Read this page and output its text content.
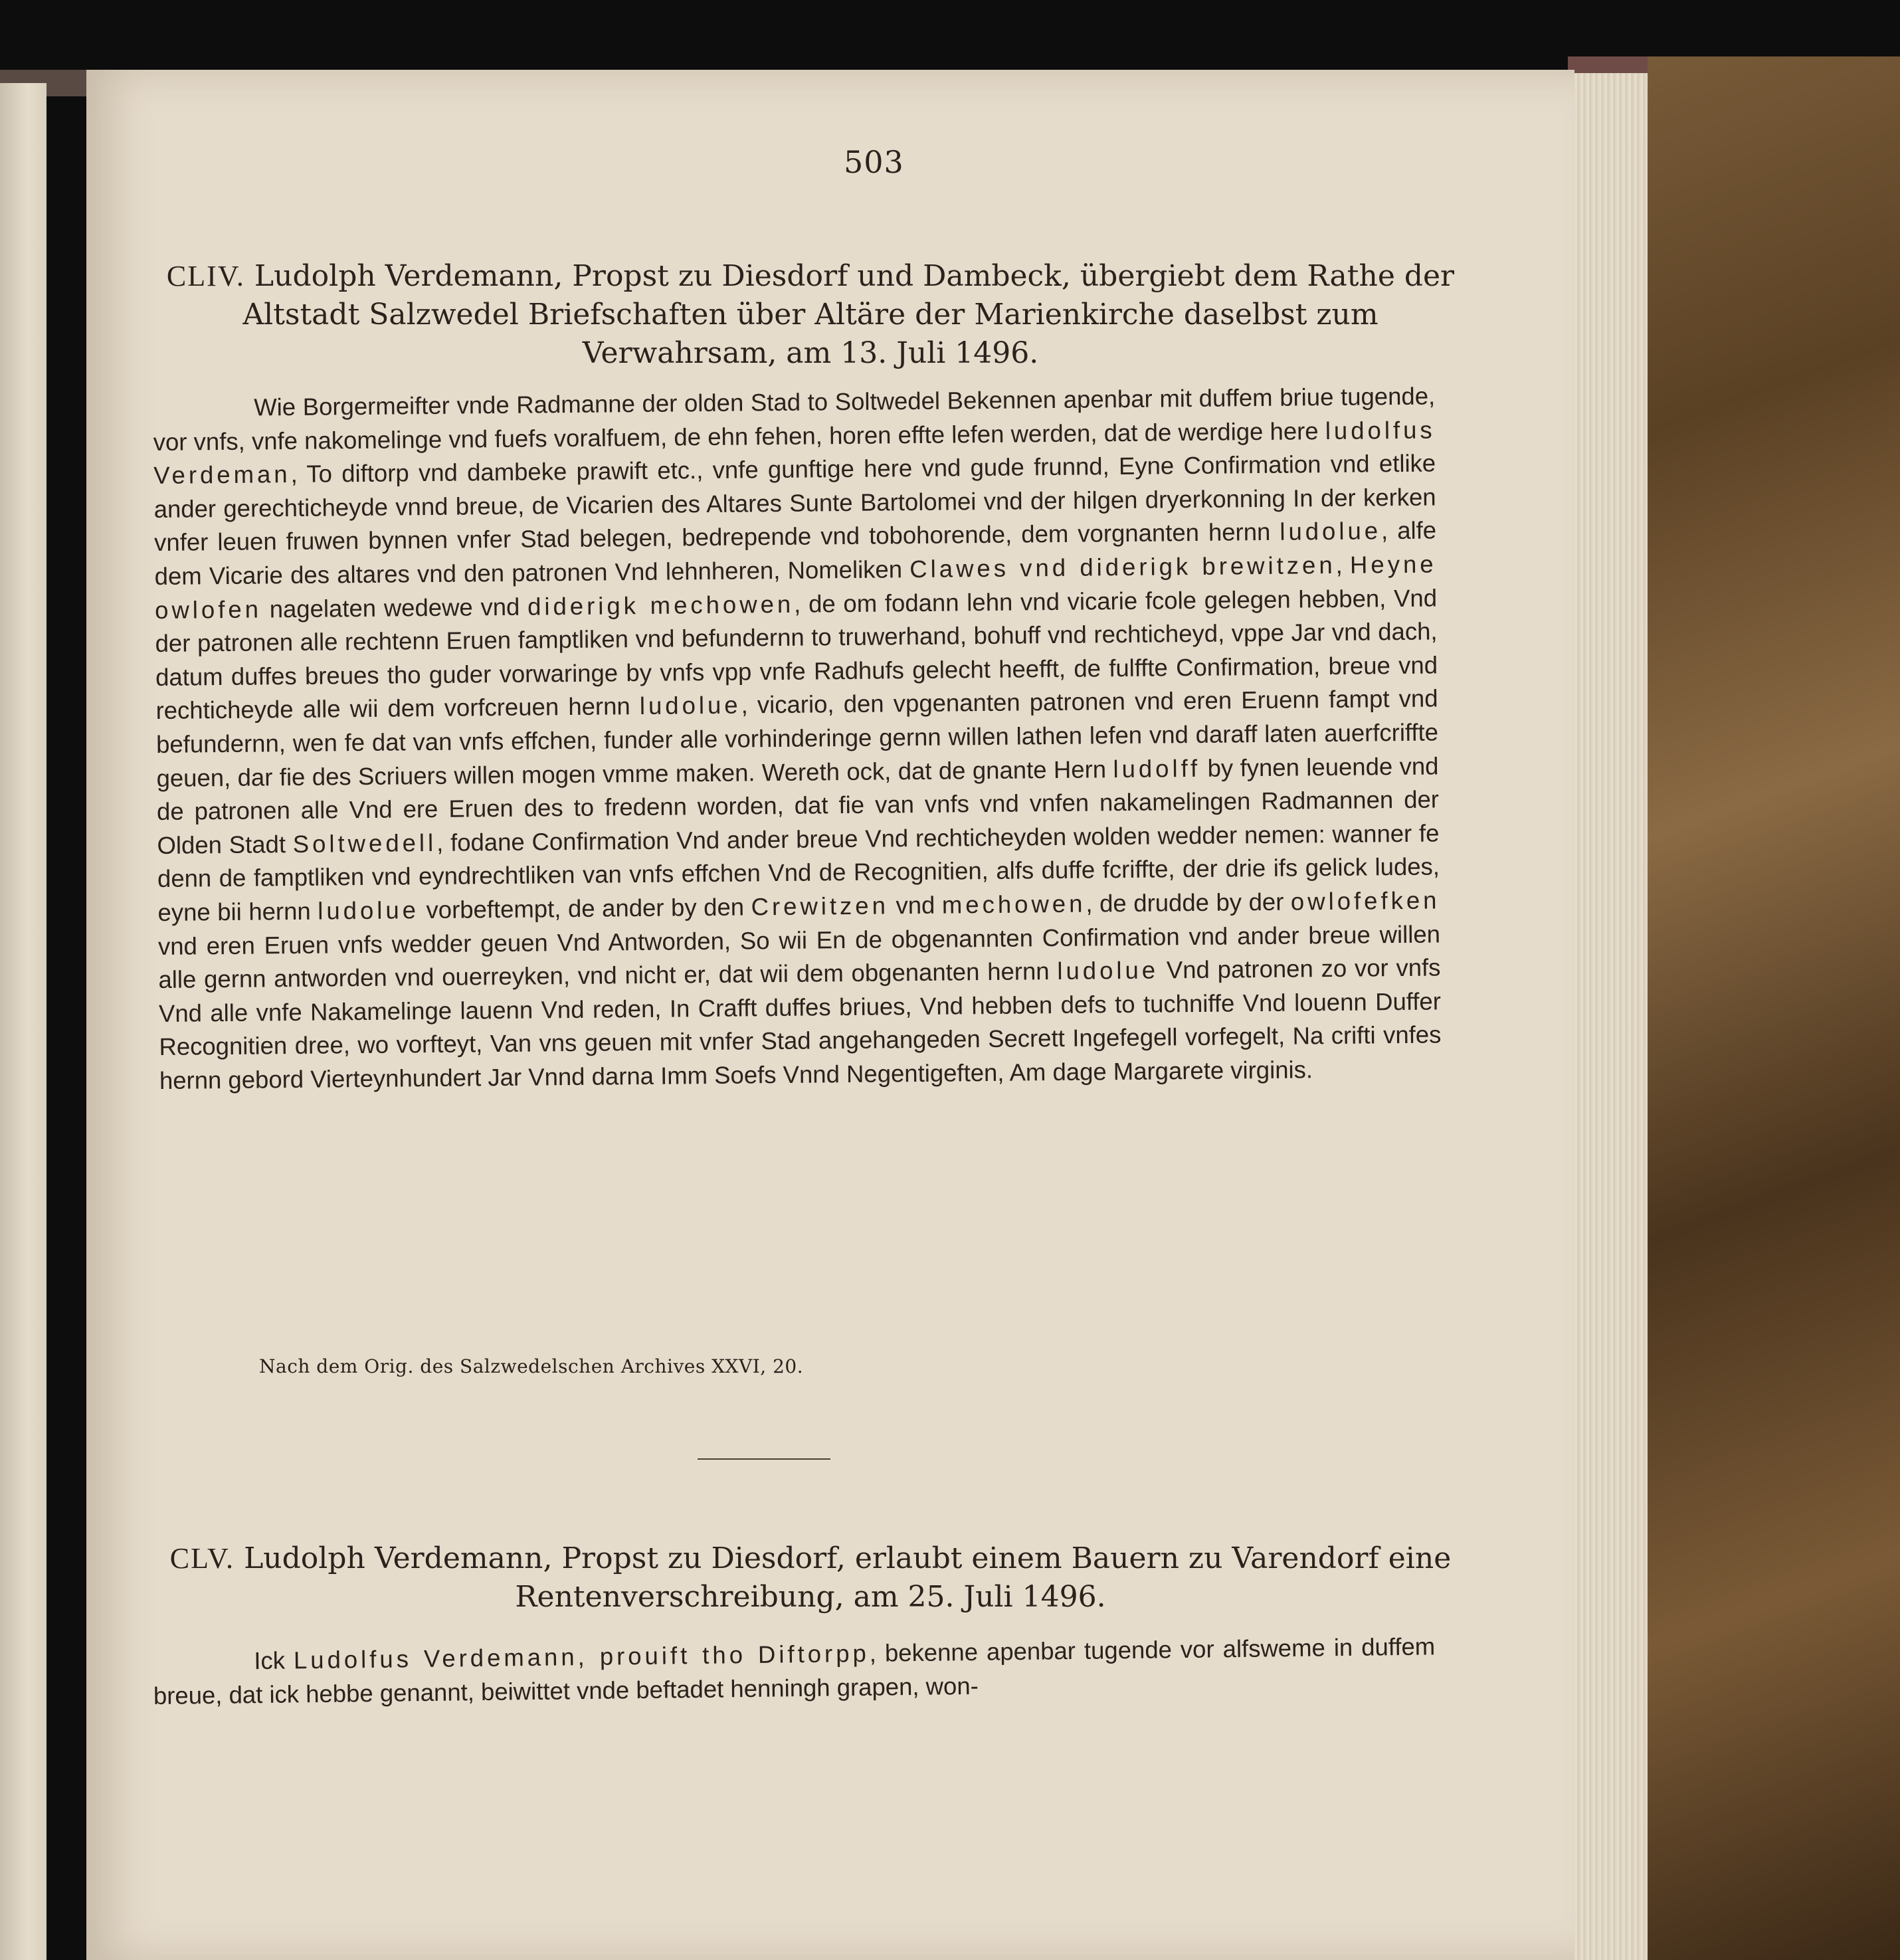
503
CLIV. Ludolph Verdemann, Propst zu Diesdorf und Dambeck, übergiebt dem Rathe der Altstadt Salzwedel Briefschaften über Altäre der Marienkirche daselbst zum Verwahrsam, am 13. Juli 1496.
Wie Borgermeifter vnde Radmanne der olden Stad to Soltwedel Bekennen apenbar mit duffem briue tugende, vor vnfs, vnfe nakomelinge vnd fuefs voralfuem, de ehn fehen, horen effte lefen werden, dat de werdige here ludolfus Verdeman, To diftorp vnd dambeke prawift etc., vnfe gunftige here vnd gude frunnd, Eyne Confirmation vnd etlike ander gerechticheyde vnnd breue, de Vicarien des Altares Sunte Bartolomei vnd der hilgen dryerkonning In der kerken vnfer leuen fruwen bynnen vnfer Stad belegen, bedrepende vnd tobohorende, dem vorgnanten hernn ludolue, alfe dem Vicarie des altares vnd den patronen Vnd lehnheren, Nomeliken Clawes vnd diderigk brewitzen, Heyne owlofen nagelaten wedewe vnd diderigk mechowen, de om fodann lehn vnd vicarie fcole gelegen hebben, Vnd der patronen alle rechtenn Eruen famptliken vnd befundernn to truwerhand, bohuff vnd rechticheyd, vppe Jar vnd dach, datum duffes breues tho guder vorwaringe by vnfs vpp vnfe Radhufs gelecht heefft, de fulffte Confirmation, breue vnd rechticheyde alle wii dem vorfcreuen hernn ludolue, vicario, den vpgenanten patronen vnd eren Eruenn fampt vnd befundernn, wen fe dat van vnfs effchen, funder alle vorhinderinge gernn willen lathen lefen vnd daraff laten auerfcriffte geuen, dar fie des Scriuers willen mogen vmme maken. Wereth ock, dat de gnante Hern ludolff by fynen leuende vnd de patronen alle Vnd ere Eruen des to fredenn worden, dat fie van vnfs vnd vnfen nakamelingen Radmannen der Olden Stadt Soltwedell, fodane Confirmation Vnd ander breue Vnd rechticheyden wolden wedder nemen: wanner fe denn de famptliken vnd eyndrechtliken van vnfs effchen Vnd de Recognitien, alfs duffe fcriffte, der drie ifs gelick ludes, eyne bii hernn ludolue vorbeftempt, de ander by den Crewitzen vnd mechowen, de drudde by der owlofefken vnd eren Eruen vnfs wedder geuen Vnd Antworden, So wii En de obgenannten Confirmation vnd ander breue willen alle gernn antworden vnd ouerreyken, vnd nicht er, dat wii dem obgenanten hernn ludolue Vnd patronen zo vor vnfs Vnd alle vnfe Nakamelinge lauenn Vnd reden, In Crafft duffes briues, Vnd hebben defs to tuchniffe Vnd louenn Duffer Recognitien dree, wo vorfteyt, Van vns geuen mit vnfer Stad angehangeden Secrett Ingefegell vorfegelt, Na crifti vnfes hernn gebord Vierteynhundert Jar Vnnd darna Imm Soefs Vnnd Negentigeften, Am dage Margarete virginis.
Nach dem Orig. des Salzwedelschen Archives XXVI, 20.
CLV. Ludolph Verdemann, Propst zu Diesdorf, erlaubt einem Bauern zu Varendorf eine Rentenverschreibung, am 25. Juli 1496.
Ick Ludolfus Verdemann, prouift tho Diftorpp, bekenne apenbar tugende vor alfsweme in duffem breue, dat ick hebbe genannt, beiwittet vnde beftadet henningh grapen, won-
